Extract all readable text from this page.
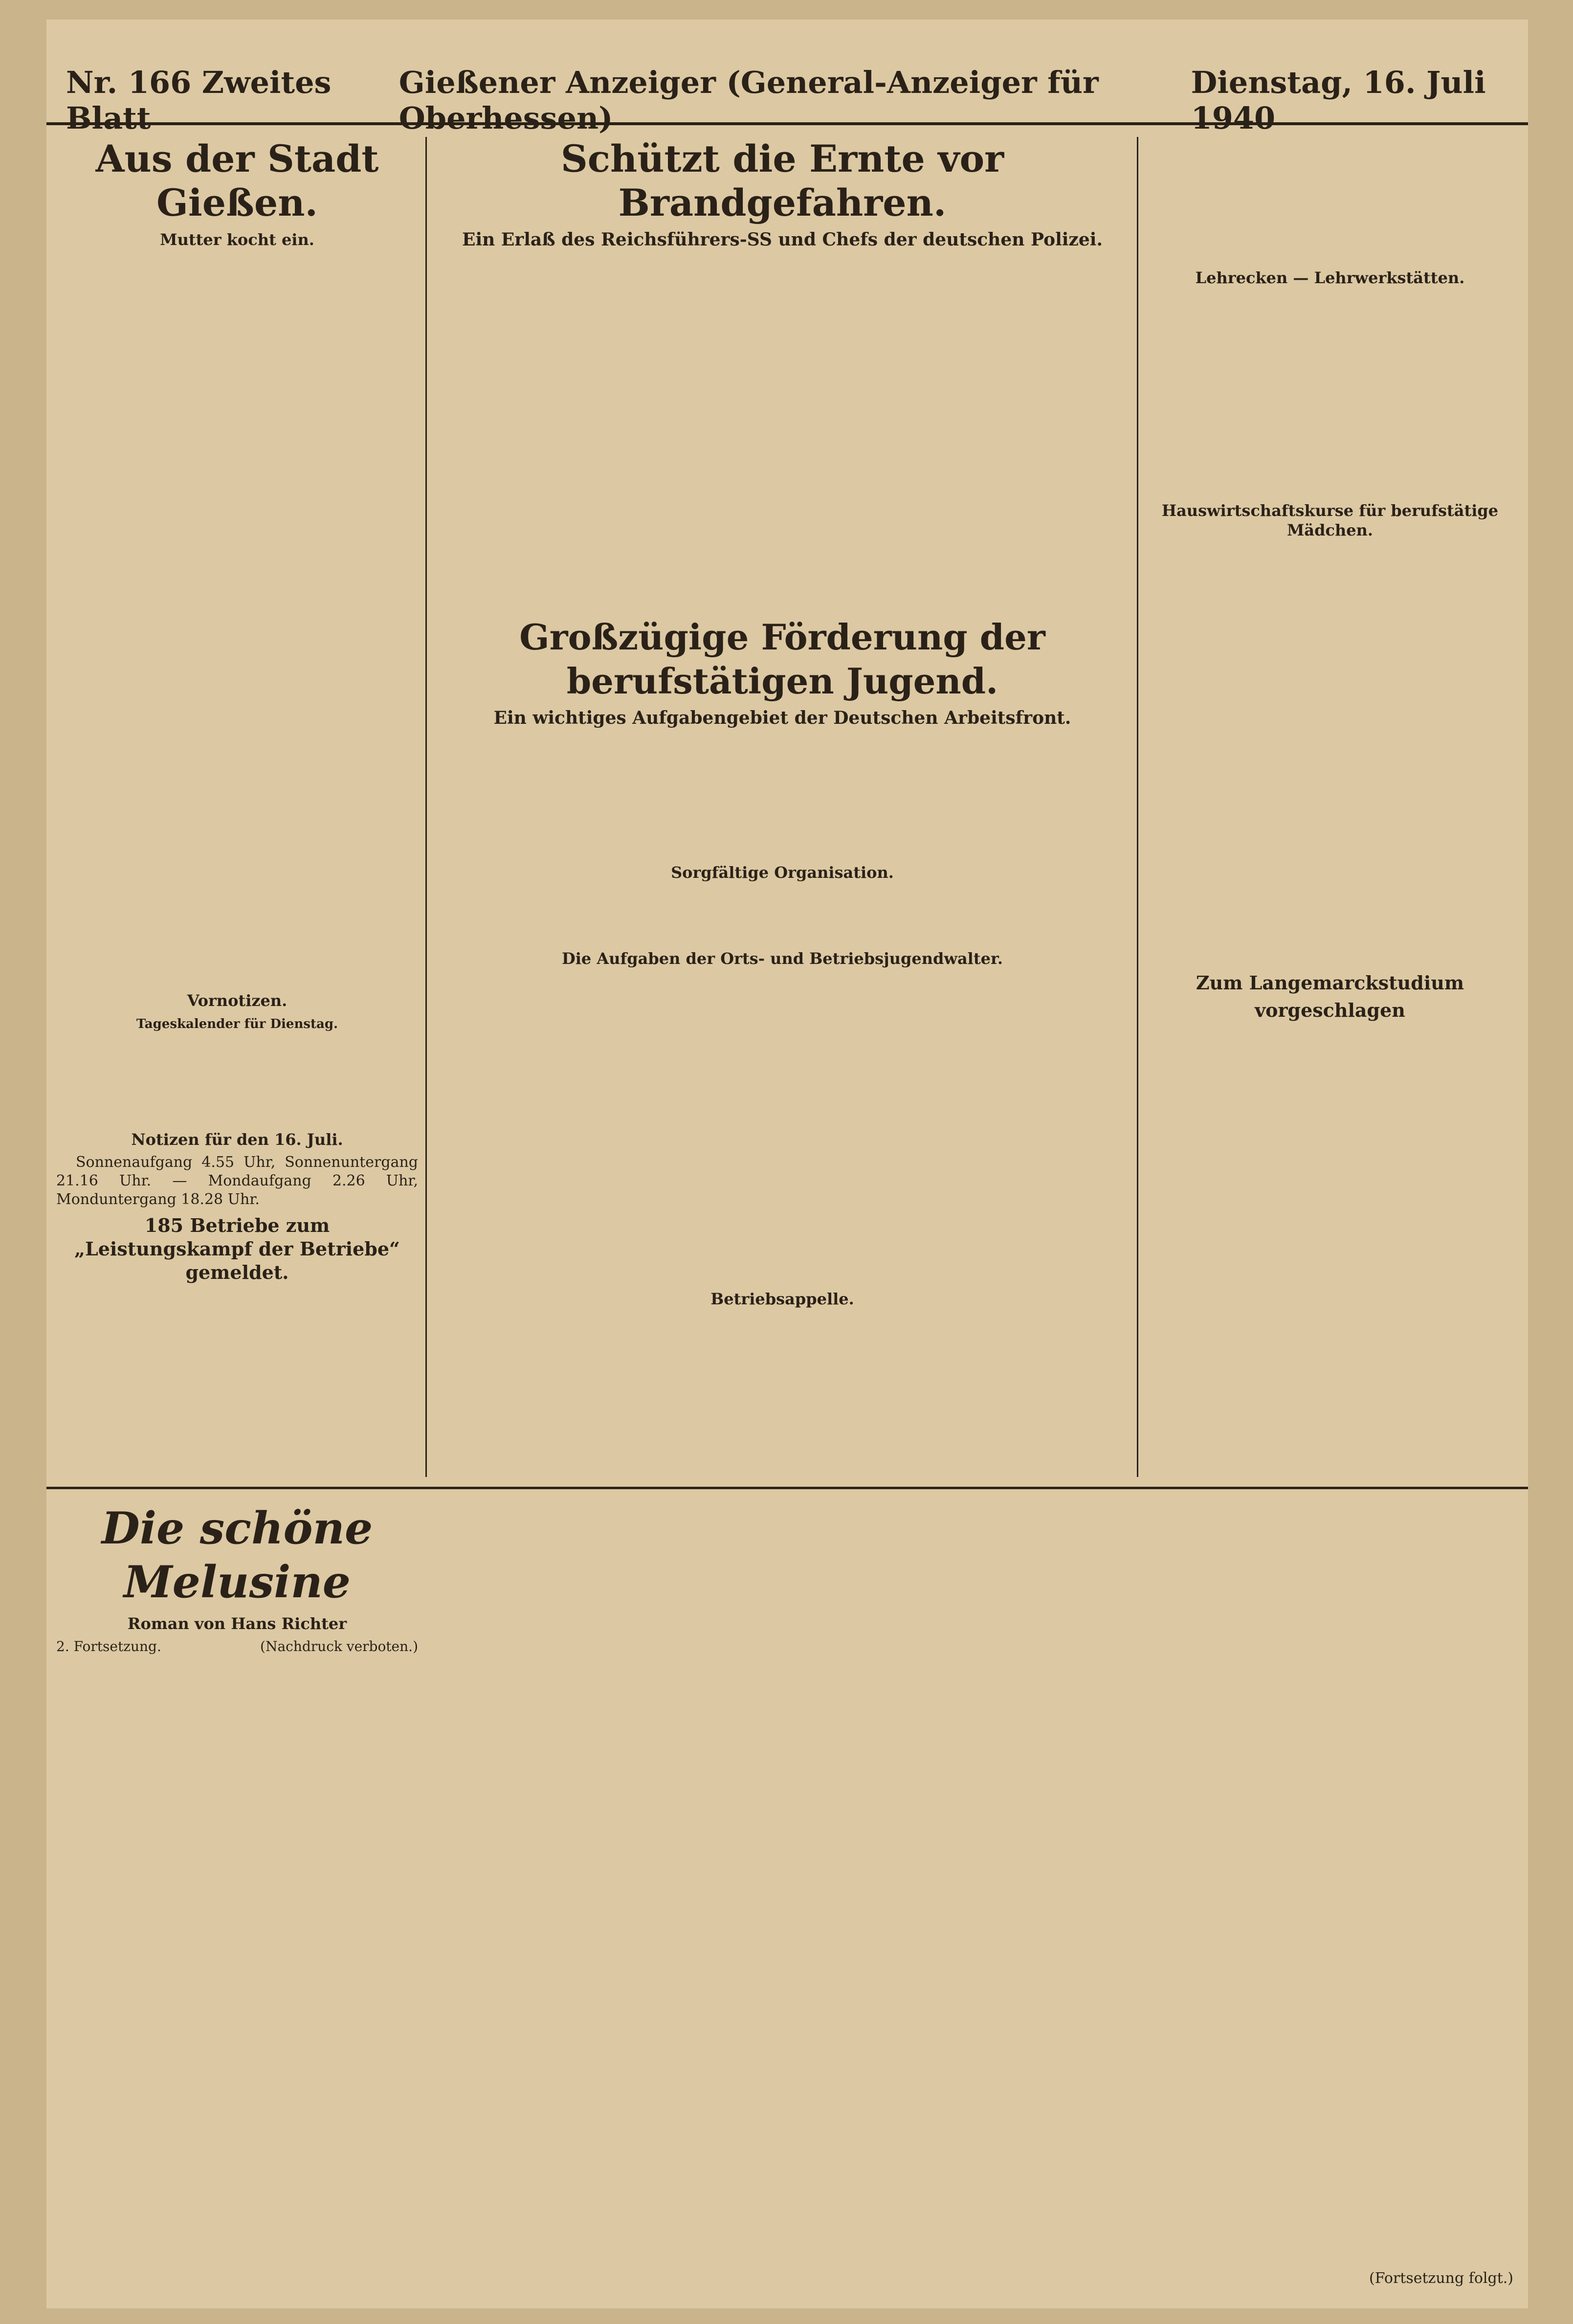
Nr. 166 Zweites Blatt
Gießener Anzeiger (General-Anzeiger für Oberhessen)
Dienstag, 16. Juli 1940
Aus der Stadt Gießen.
Mutter kocht ein.
Vornotizen.
Tageskalender für Dienstag.
Notizen für den 16. Juli.

Sonnenaufgang 4.55 Uhr, Sonnenuntergang 21.16 Uhr. — Mondaufgang 2.26 Uhr, Monduntergang 18.28 Uhr.

185 Betriebe zum „Leistungskampf der Betriebe“ gemeldet.
Schützt die Ernte vor Brandgefahren.
Ein Erlaß des Reichsführers-SS und Chefs der deutschen Polizei.
Großzügige Förderung der berufstätigen Jugend.
Ein wichtiges Aufgabengebiet der Deutschen Arbeitsfront.
Sorgfältige Organisation.
Die Aufgaben der Orts- und Betriebsjugendwalter.
Betriebsappelle.
Lehrecken — Lehrwerkstätten.
Hauswirtschaftskurse für berufstätige Mädchen.
Zum Langemarckstudium vorgeschlagen
Die schöne Melusine
Roman von Hans Richter
2. Fortsetzung.	(Nachdruck verboten.)
(Fortsetzung folgt.)
